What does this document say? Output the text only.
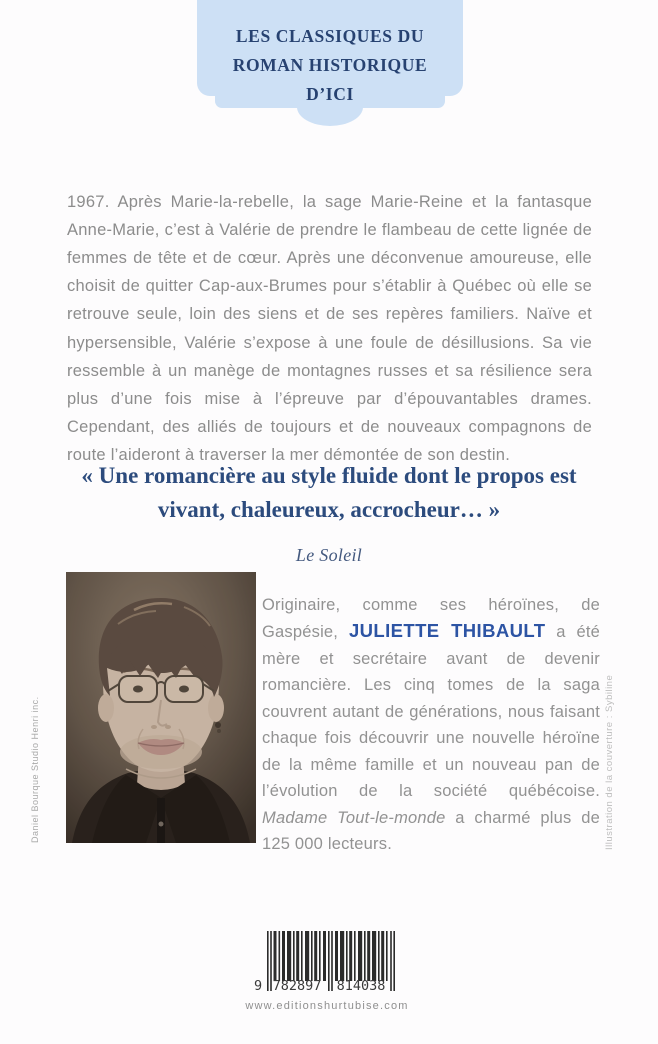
LES CLASSIQUES DU
ROMAN HISTORIQUE
D’ICI

1967. Après Marie-la-rebelle, la sage Marie-Reine et la fantasque Anne-Marie, c’est à Valérie de prendre le flambeau de cette lignée de femmes de tête et de cœur. Après une déconvenue amoureuse, elle choisit de quitter Cap-aux-Brumes pour s’établir à Québec où elle se retrouve seule, loin des siens et de ses repères familiers. Naïve et hypersensible, Valérie s’expose à une foule de désillusions. Sa vie ressemble à un manège de montagnes russes et sa résilience sera plus d’une fois mise à l’épreuve par d’épouvantables drames. Cependant, des alliés de toujours et de nouveaux compagnons de route l’aideront à traverser la mer démontée de son destin.

« Une romancière au style fluide dont le propos est vivant, chaleureux, accrocheur… »
Le Soleil
Daniel Bourque Studio Henri inc.	Illustration de la couverture : Sybiline

Originaire, comme ses héroïnes, de Gaspésie, JULIETTE THIBAULT a été mère et secrétaire avant de devenir romancière. Les cinq tomes de la saga couvrent autant de générations, nous faisant chaque fois découvrir une nouvelle héroïne de la même famille et un nouveau pan de l’évolution de la société québécoise. Madame Tout-le-monde a charmé plus de 125 000 lecteurs.

9 782897	814038
www.editionshurtubise.com
